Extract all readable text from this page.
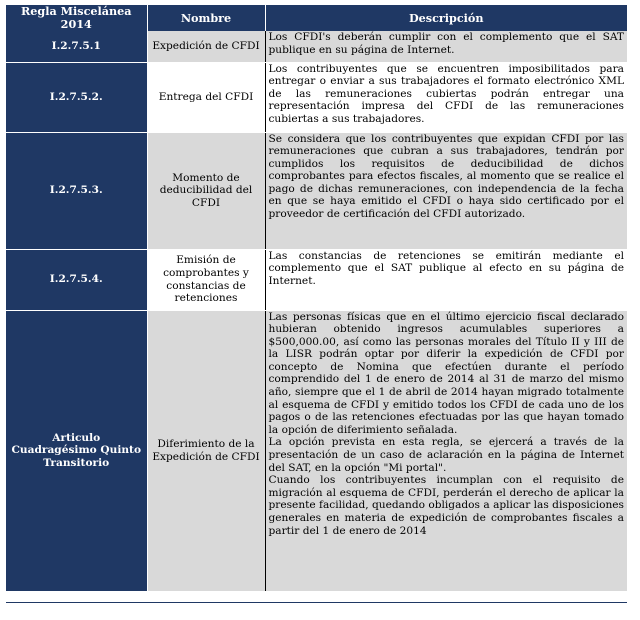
Regla Miscelánea 2014	Nombre	Descripción
I.2.7.5.1	Expedición de CFDI	Los CFDI's deberán cumplir con el complemento que el SAT publique en su página de Internet.

I.2.7.5.2.	Entrega del CFDI	Los contribuyentes que se encuentren imposibilitados para entregar o enviar a sus trabajadores el formato electrónico XML de las remuneraciones cubiertas podrán entregar una representación impresa del CFDI de las remuneraciones cubiertas a sus trabajadores.

I.2.7.5.3.	Momento de deducibilidad del CFDI	Se considera que los contribuyentes que expidan CFDI por las remuneraciones que cubran a sus trabajadores, tendrán por cumplidos los requisitos de deducibilidad de dichos comprobantes para efectos fiscales, al momento que se realice el pago de dichas remuneraciones, con independencia de la fecha en que se haya emitido el CFDI o haya sido certificado por el proveedor de certificación del CFDI autorizado.

I.2.7.5.4.	Emisión de comprobantes y constancias de retenciones	Las constancias de retenciones se emitirán mediante el complemento que el SAT publique al efecto en su página de Internet.

Articulo Cuadragésimo Quinto Transitorio	Diferimiento de la Expedición de CFDI	Las personas físicas que en el último ejercicio fiscal declarado hubieran obtenido ingresos acumulables superiores a $500,000.00, así como las personas morales del Título II y III de la LISR podrán optar por diferir la expedición de CFDI por concepto de Nomina que efectúen durante el período comprendido del 1 de enero de 2014 al 31 de marzo del mismo año, siempre que el 1 de abril de 2014 hayan migrado totalmente al esquema de CFDI y emitido todos los CFDI de cada uno de los pagos o de las retenciones efectuadas por las que hayan tomado la opción de diferimiento señalada.

La opción prevista en esta regla, se ejercerá a través de la presentación de un caso de aclaración en la página de Internet del SAT, en la opción "Mi portal".

Cuando los contribuyentes incumplan con el requisito de migración al esquema de CFDI, perderán el derecho de aplicar la presente facilidad, quedando obligados a aplicar las disposiciones generales en materia de expedición de comprobantes fiscales a partir del 1 de enero de 2014
